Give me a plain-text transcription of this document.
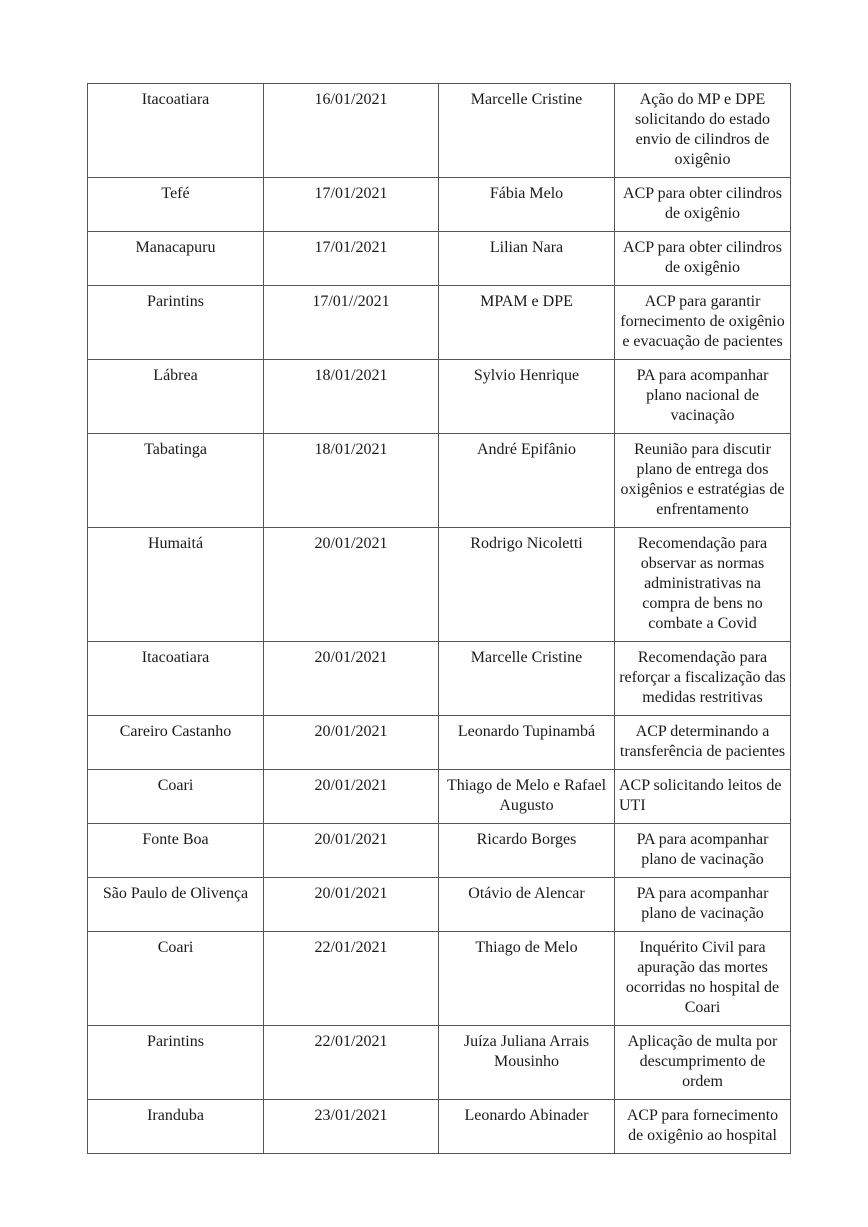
Itacoatiara	16/01/2021	Marcelle Cristine	Ação do MP e DPE solicitando do estado envio de cilindros de oxigênio
Tefé	17/01/2021	Fábia Melo	ACP para obter cilindros de oxigênio
Manacapuru	17/01/2021	Lilian Nara	ACP para obter cilindros de oxigênio
Parintins	17/01//2021	MPAM e DPE	ACP para garantir fornecimento de oxigênio e evacuação de pacientes
Lábrea	18/01/2021	Sylvio Henrique	PA para acompanhar plano nacional de vacinação
Tabatinga	18/01/2021	André Epifânio	Reunião para discutir plano de entrega dos oxigênios e estratégias de enfrentamento
Humaitá	20/01/2021	Rodrigo Nicoletti	Recomendação para observar as normas administrativas na compra de bens no combate a Covid
Itacoatiara	20/01/2021	Marcelle Cristine	Recomendação para reforçar a fiscalização das medidas restritivas
Careiro Castanho	20/01/2021	Leonardo Tupinambá	ACP determinando a transferência de pacientes
Coari	20/01/2021	Thiago de Melo e Rafael Augusto	ACP solicitando leitos de UTI
Fonte Boa	20/01/2021	Ricardo Borges	PA para acompanhar plano de vacinação
São Paulo de Olivença	20/01/2021	Otávio de Alencar	PA para acompanhar plano de vacinação
Coari	22/01/2021	Thiago de Melo	Inquérito Civil para apuração das mortes ocorridas no hospital de Coari
Parintins	22/01/2021	Juíza Juliana Arrais Mousinho	Aplicação de multa por descumprimento de ordem
Iranduba	23/01/2021	Leonardo Abinader	ACP para fornecimento de oxigênio ao hospital
